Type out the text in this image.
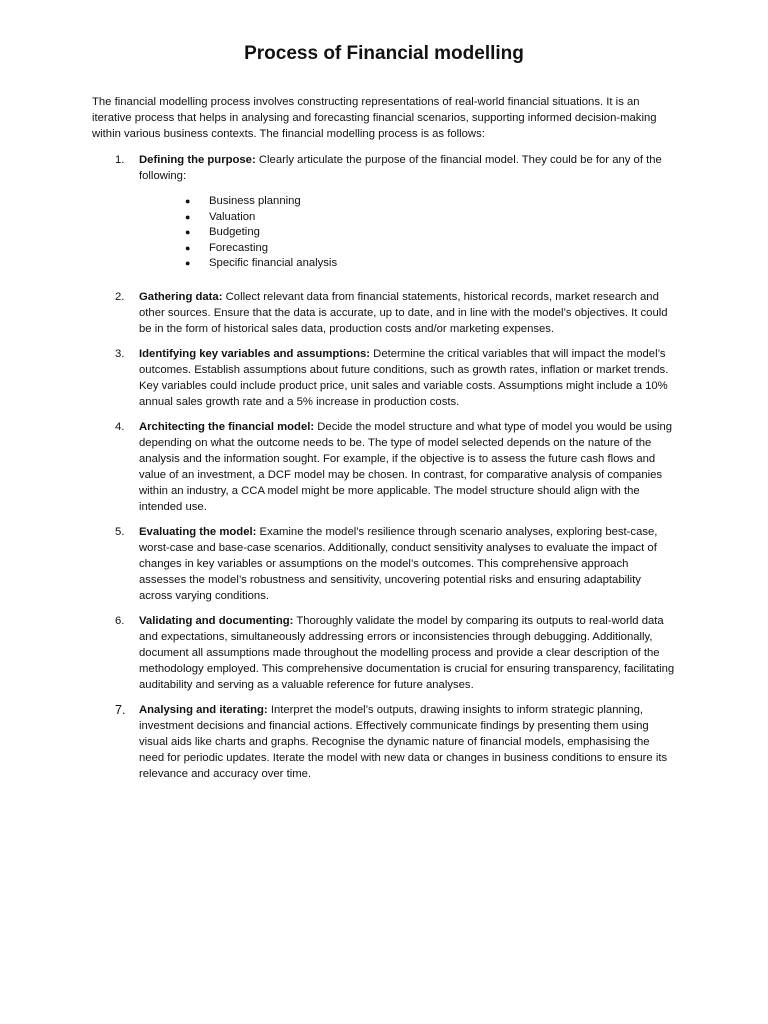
Process of Financial modelling

The financial modelling process involves constructing representations of real-world financial situations. It is an iterative process that helps in analysing and forecasting financial scenarios, supporting informed decision-making within various business contexts. The financial modelling process is as follows:

1.	Defining the purpose: Clearly articulate the purpose of the financial model. They could be for any of the following:
●	Business planning
●	Valuation
●	Budgeting
●	Forecasting
●	Specific financial analysis
2.	Gathering data: Collect relevant data from financial statements, historical records, market research and other sources. Ensure that the data is accurate, up to date, and in line with the model’s objectives. It could be in the form of historical sales data, production costs and/or marketing expenses.
3.	Identifying key variables and assumptions: Determine the critical variables that will impact the model’s outcomes. Establish assumptions about future conditions, such as growth rates, inflation or market trends. Key variables could include product price, unit sales and variable costs. Assumptions might include a 10% annual sales growth rate and a 5% increase in production costs.
4.	Architecting the financial model: Decide the model structure and what type of model you would be using depending on what the outcome needs to be. The type of model selected depends on the nature of the analysis and the information sought. For example, if the objective is to assess the future cash flows and value of an investment, a DCF model may be chosen. In contrast, for comparative analysis of companies within an industry, a CCA model might be more applicable. The model structure should align with the intended use.
5.	Evaluating the model: Examine the model’s resilience through scenario analyses, exploring best-case, worst-case and base-case scenarios. Additionally, conduct sensitivity analyses to evaluate the impact of changes in key variables or assumptions on the model’s outcomes. This comprehensive approach assesses the model’s robustness and sensitivity, uncovering potential risks and ensuring adaptability across varying conditions.
6.	Validating and documenting: Thoroughly validate the model by comparing its outputs to real-world data and expectations, simultaneously addressing errors or inconsistencies through debugging. Additionally, document all assumptions made throughout the modelling process and provide a clear description of the methodology employed. This comprehensive documentation is crucial for ensuring transparency, facilitating auditability and serving as a valuable reference for future analyses.
7.	Analysing and iterating: Interpret the model’s outputs, drawing insights to inform strategic planning, investment decisions and financial actions. Effectively communicate findings by presenting them using visual aids like charts and graphs. Recognise the dynamic nature of financial models, emphasising the need for periodic updates. Iterate the model with new data or changes in business conditions to ensure its relevance and accuracy over time.
